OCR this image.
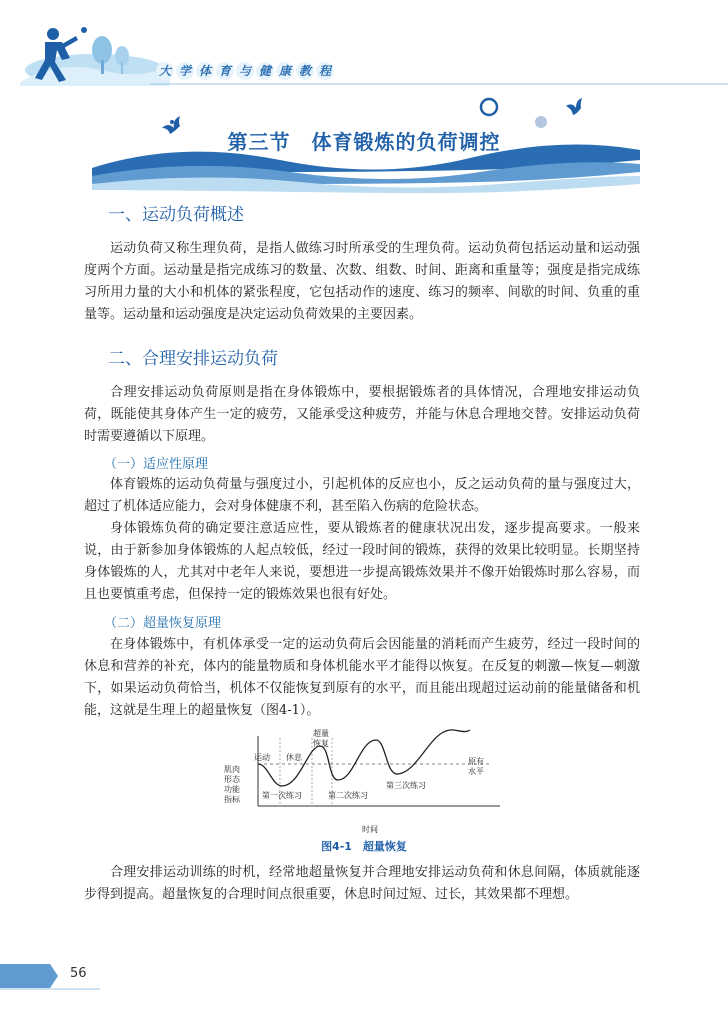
大 学 体 育 与 健 康 教 程
第三节　体育锻炼的负荷调控
一、运动负荷概述

运动负荷又称生理负荷，是指人做练习时所承受的生理负荷。运动负荷包括运动量和运动强度两个方面。运动量是指完成练习的数量、次数、组数、时间、距离和重量等；强度是指完成练习所用力量的大小和机体的紧张程度，它包括动作的速度、练习的频率、间歇的时间、负重的重量等。运动量和运动强度是决定运动负荷效果的主要因素。

二、合理安排运动负荷

合理安排运动负荷原则是指在身体锻炼中，要根据锻炼者的具体情况，合理地安排运动负荷，既能使其身体产生一定的疲劳，又能承受这种疲劳，并能与休息合理地交替。安排运动负荷时需要遵循以下原理。

（一）适应性原理

体育锻炼的运动负荷量与强度过小，引起机体的反应也小，反之运动负荷的量与强度过大，超过了机体适应能力，会对身体健康不利，甚至陷入伤病的危险状态。

身体锻炼负荷的确定要注意适应性，要从锻炼者的健康状况出发，逐步提高要求。一般来说，由于新参加身体锻炼的人起点较低，经过一段时间的锻炼，获得的效果比较明显。长期坚持身体锻炼的人，尤其对中老年人来说，要想进一步提高锻炼效果并不像开始锻炼时那么容易，而且也要慎重考虑，但保持一定的锻炼效果也很有好处。

（二）超量恢复原理

在身体锻炼中，有机体承受一定的运动负荷后会因能量的消耗而产生疲劳，经过一段时间的休息和营养的补充，体内的能量物质和身体机能水平才能得以恢复。在反复的刺激—恢复—刺激下，如果运动负荷恰当，机体不仅能恢复到原有的水平，而且能出现超过运动前的能量储备和机能，这就是生理上的超量恢复（图4-1）。

运动 休息
超量
恢复
肌肉
形态
功能
指标	第一次练习	第二次练习
第三次练习
原有
水平
时间
图4-1　超量恢复

合理安排运动训练的时机，经常地超量恢复并合理地安排运动负荷和休息间隔，体质就能逐步得到提高。超量恢复的合理时间点很重要，休息时间过短、过长，其效果都不理想。

56
